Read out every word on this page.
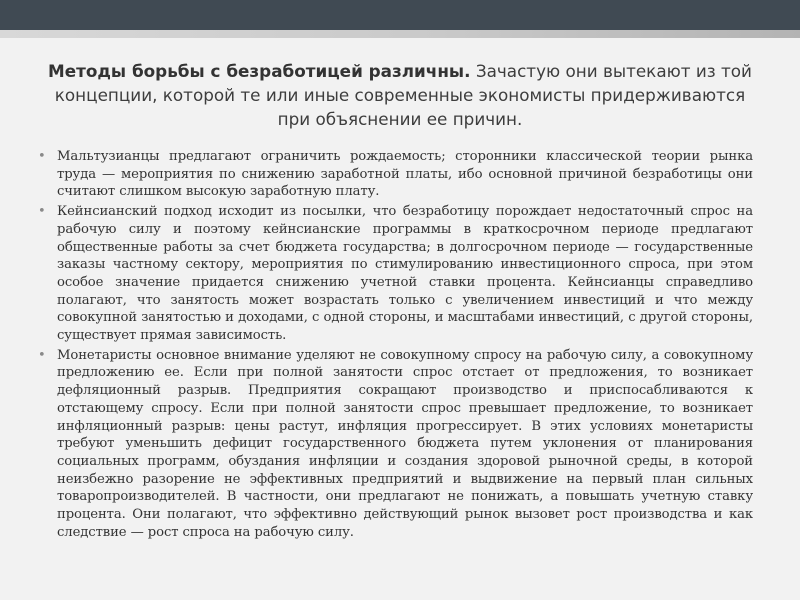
Методы борьбы с безработицей различны. Зачастую они вытекают из той концепции, которой те или иные современные экономисты придерживаются при объяснении ее причин.
• Мальтузианцы предлагают ограничить рождаемость; сторонники классической теории рынка труда — мероприятия по снижению заработной платы, ибо основной причиной безработицы они считают слишком высокую заработную плату.
• Кейнсианский подход исходит из посылки, что безработицу порождает недостаточный спрос на рабочую силу и поэтому кейнсианские программы в краткосрочном периоде предлагают общественные работы за счет бюджета государства; в долгосрочном периоде — государственные заказы частному сектору, мероприятия по стимулированию инвестиционного спроса, при этом особое значение придается снижению учетной ставки процента. Кейнсианцы справедливо полагают, что занятость может возрастать только с увеличением инвестиций и что между совокупной занятостью и доходами, с одной стороны, и масштабами инвестиций, с другой стороны, существует прямая зависимость.
• Монетаристы основное внимание уделяют не совокупному спросу на рабочую силу, а совокупному предложению ее. Если при полной занятости спрос отстает от предложения, то возникает дефляционный разрыв. Предприятия сокращают производство и приспосабливаются к отстающему спросу. Если при полной занятости спрос превышает предложение, то возникает инфляционный разрыв: цены растут, инфляция прогрессирует. В этих условиях монетаристы требуют уменьшить дефицит государственного бюджета путем уклонения от планирования социальных программ, обуздания инфляции и создания здоровой рыночной среды, в которой неизбежно разорение не эффективных предприятий и выдвижение на первый план сильных товаропроизводителей. В частности, они предлагают не понижать, а повышать учетную ставку процента. Они полагают, что эффективно действующий рынок вызовет рост производства и как следствие — рост спроса на рабочую силу.
